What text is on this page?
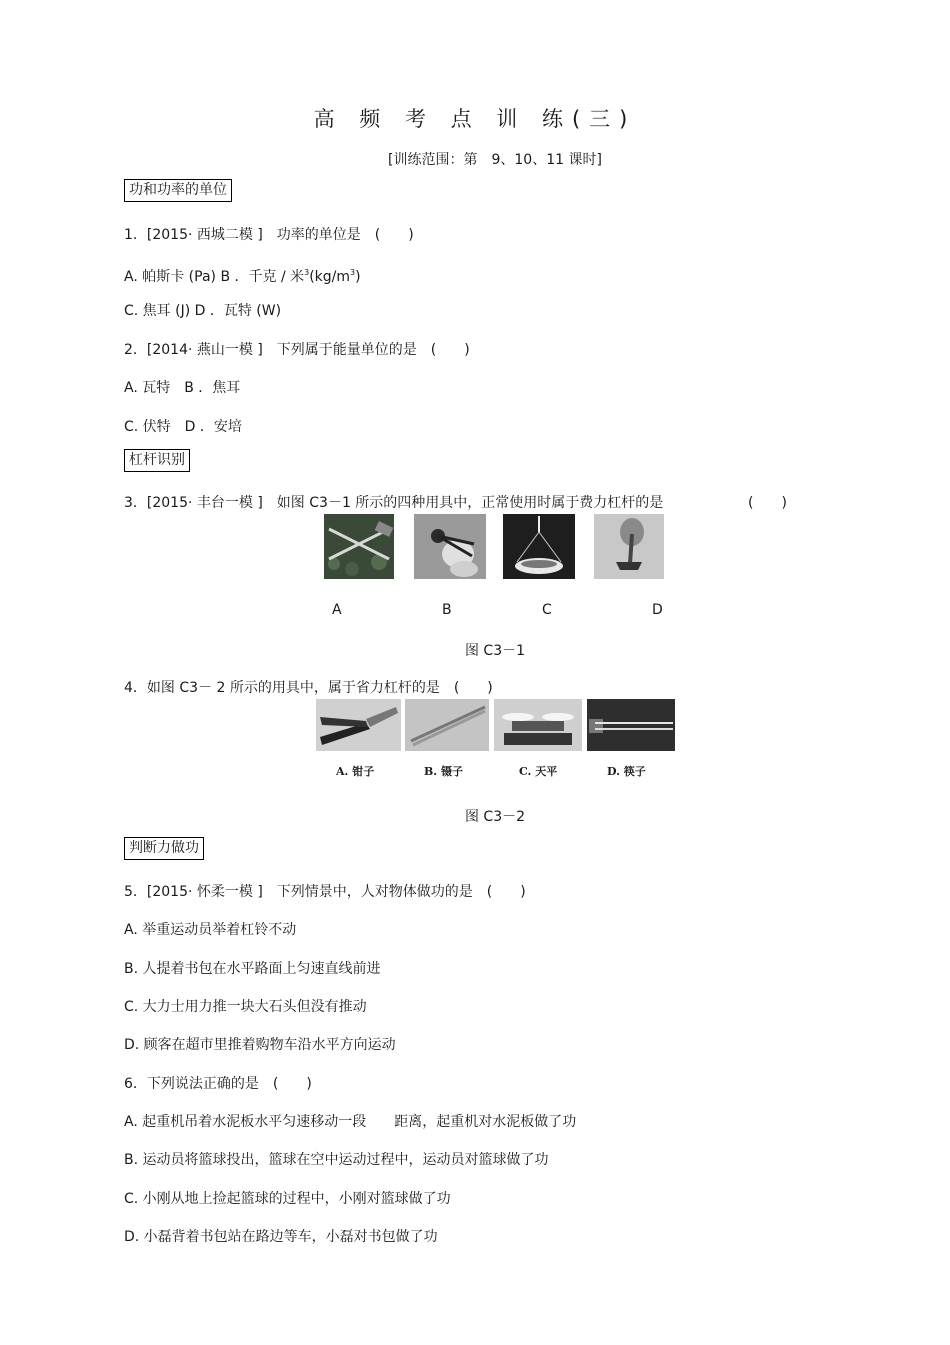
高 频 考 点 训 练(三)
[训练范围：第　9、10、11 课时]
功和功率的单位
1．[2015· 西城二模 ]　功率的单位是　(　　)
A. 帕斯卡 (Pa) B ．千克 / 米$^3(kg/m^3)$
C. 焦耳 (J) D ．瓦特 (W)
2．[2014· 燕山一模 ]　下列属于能量单位的是　(　　)
A. 瓦特　B ．焦耳
C. 伏特　D ．安培
杠杆识别
3．[2015· 丰台一模 ]　如图 C3－1 所示的四种用具中，正常使用时属于费力杠杆的是	(　　)
A	B	C	D
图 C3－1
4．如图 C3－ 2 所示的用具中，属于省力杠杆的是　(　　)
A. 钳子	B. 镊子	C. 天平	D. 筷子
图 C3－2
判断力做功
5．[2015· 怀柔一模 ]　下列情景中，人对物体做功的是　(　　)
A. 举重运动员举着杠铃不动
B. 人提着书包在水平路面上匀速直线前进
C. 大力士用力推一块大石头但没有推动
D. 顾客在超市里推着购物车沿水平方向运动
6．下列说法正确的是　(　　)
A. 起重机吊着水泥板水平匀速移动一段　　距离，起重机对水泥板做了功
B. 运动员将篮球投出，篮球在空中运动过程中，运动员对篮球做了功
C. 小刚从地上捡起篮球的过程中，小刚对篮球做了功
D. 小磊背着书包站在路边等车，小磊对书包做了功
